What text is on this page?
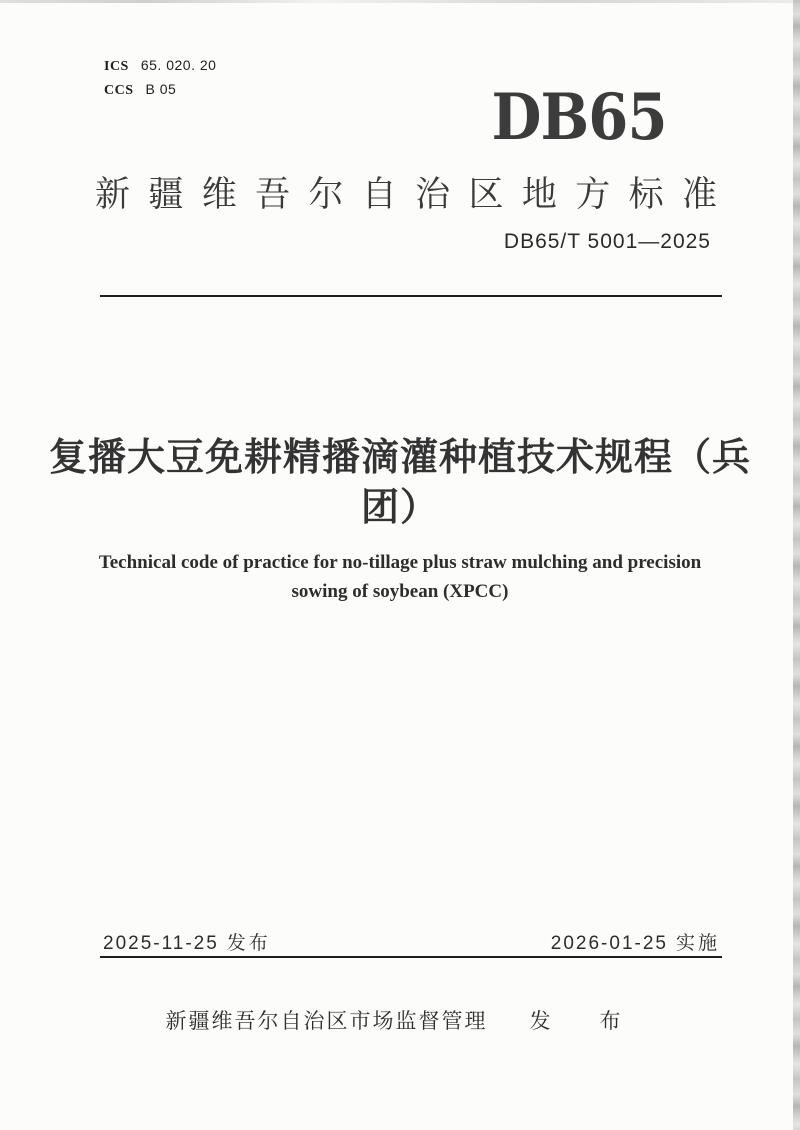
ICS 65. 020. 20
CCS B 05	DB65
新 疆 维 吾 尔 自 治 区 地 方 标 准
DB65/T 5001—2025
复播大豆免耕精播滴灌种植技术规程（兵
团）
Technical code of practice for no-tillage plus straw mulching and precision
sowing of soybean (XPCC)
2025-11-25 发布	2026-01-25 实施
新疆维吾尔自治区市场监督管理 发　布
